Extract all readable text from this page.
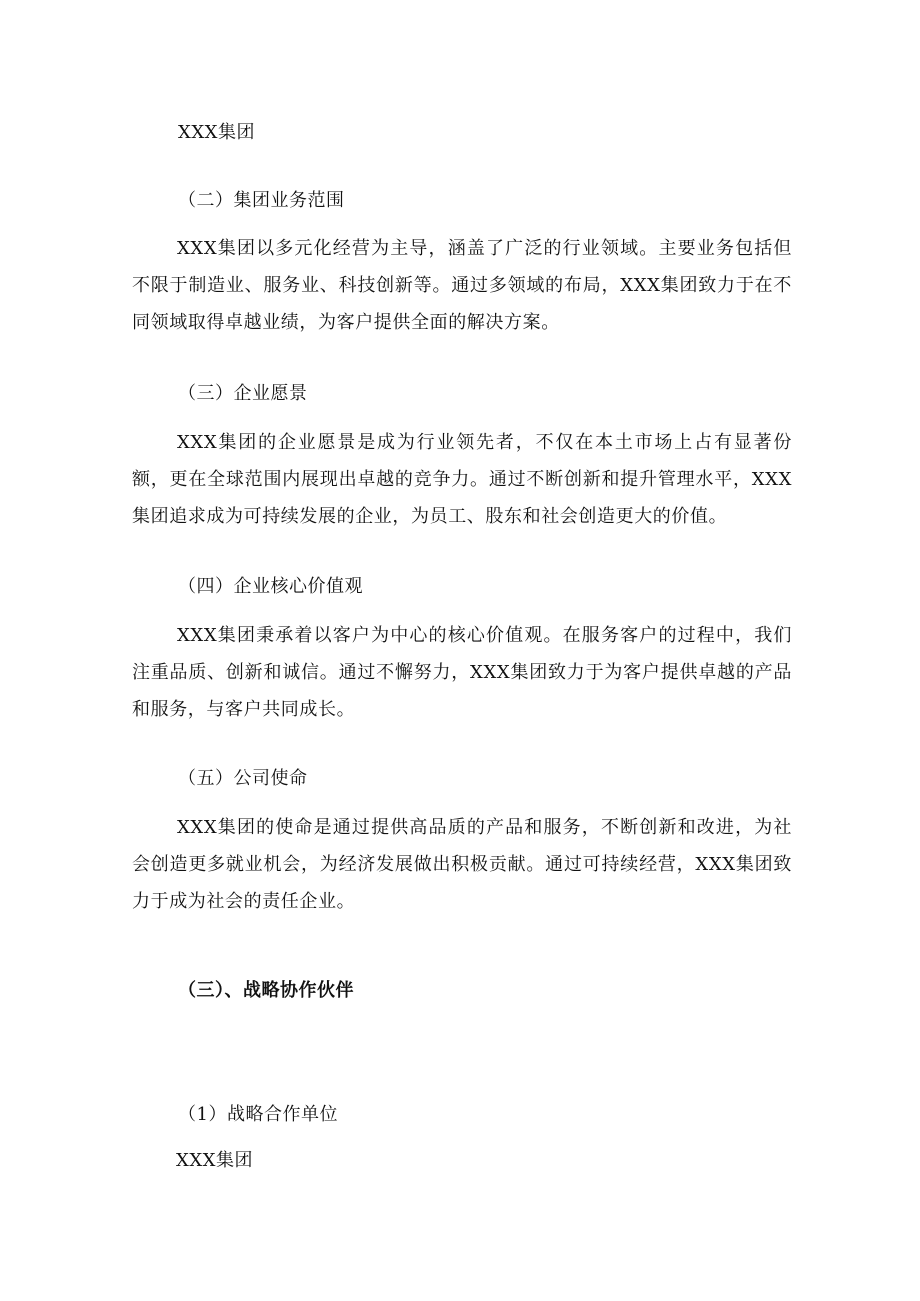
XXX集团
（二）集团业务范围
XXX集团以多元化经营为主导，涵盖了广泛的行业领域。主要业务包括但不限于制造业、服务业、科技创新等。通过多领域的布局，XXX集团致力于在不同领域取得卓越业绩，为客户提供全面的解决方案。
（三）企业愿景
XXX集团的企业愿景是成为行业领先者，不仅在本土市场上占有显著份额，更在全球范围内展现出卓越的竞争力。通过不断创新和提升管理水平，XXX集团追求成为可持续发展的企业，为员工、股东和社会创造更大的价值。
（四）企业核心价值观
XXX集团秉承着以客户为中心的核心价值观。在服务客户的过程中，我们注重品质、创新和诚信。通过不懈努力，XXX集团致力于为客户提供卓越的产品和服务，与客户共同成长。
（五）公司使命
XXX集团的使命是通过提供高品质的产品和服务，不断创新和改进，为社会创造更多就业机会，为经济发展做出积极贡献。通过可持续经营，XXX集团致力于成为社会的责任企业。
（三）、战略协作伙伴
（1）战略合作单位
XXX集团
